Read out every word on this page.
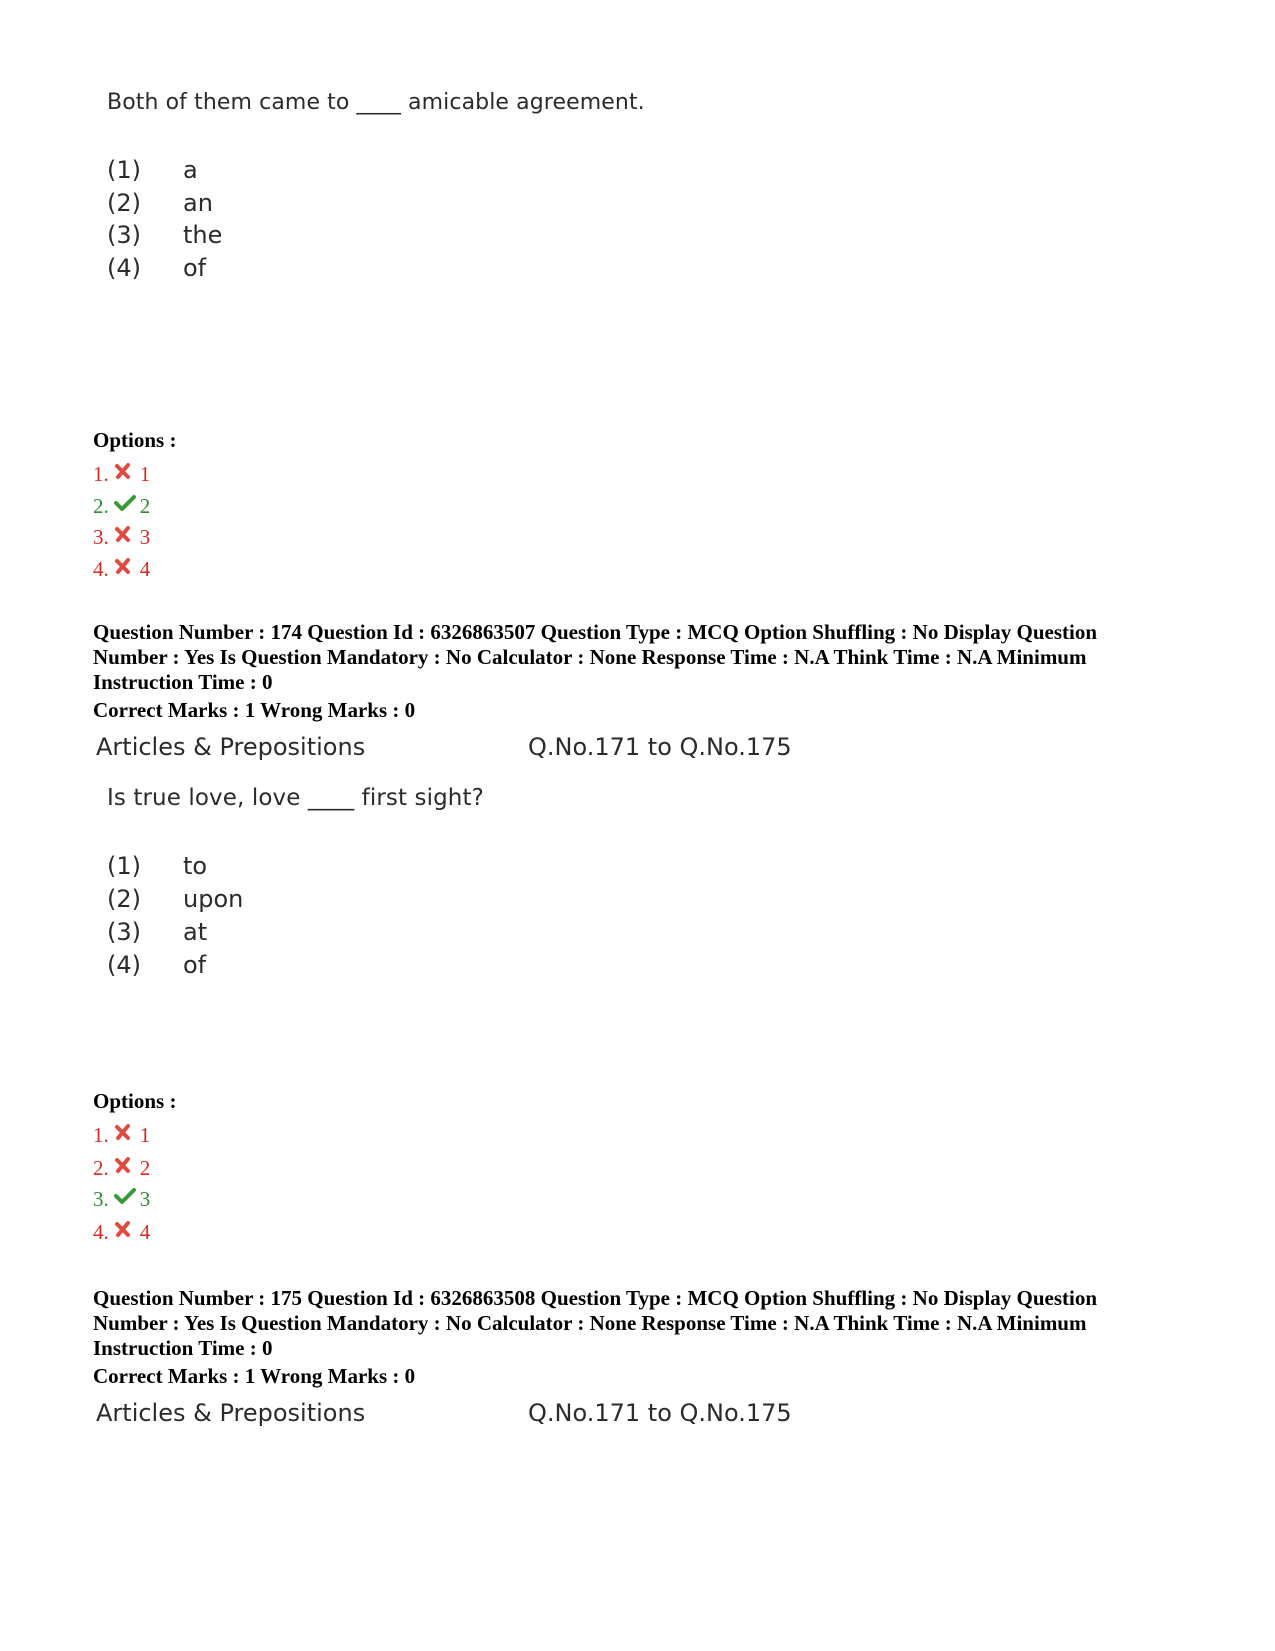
Both of them came to ____ amicable agreement.
(1) a
(2) an
(3) the
(4) of
Options :
1. 1
2. 2
3. 3
4. 4
Question Number : 174 Question Id : 6326863507 Question Type : MCQ Option Shuffling : No Display Question
Number : Yes Is Question Mandatory : No Calculator : None Response Time : N.A Think Time : N.A Minimum
Instruction Time : 0
Correct Marks : 1 Wrong Marks : 0
Articles & Prepositions	Q.No.171 to Q.No.175
Is true love, love ____ first sight?
(1) to
(2) upon
(3) at
(4) of
Options :
1. 1
2. 2
3. 3
4. 4
Question Number : 175 Question Id : 6326863508 Question Type : MCQ Option Shuffling : No Display Question
Number : Yes Is Question Mandatory : No Calculator : None Response Time : N.A Think Time : N.A Minimum
Instruction Time : 0
Correct Marks : 1 Wrong Marks : 0
Articles & Prepositions	Q.No.171 to Q.No.175
